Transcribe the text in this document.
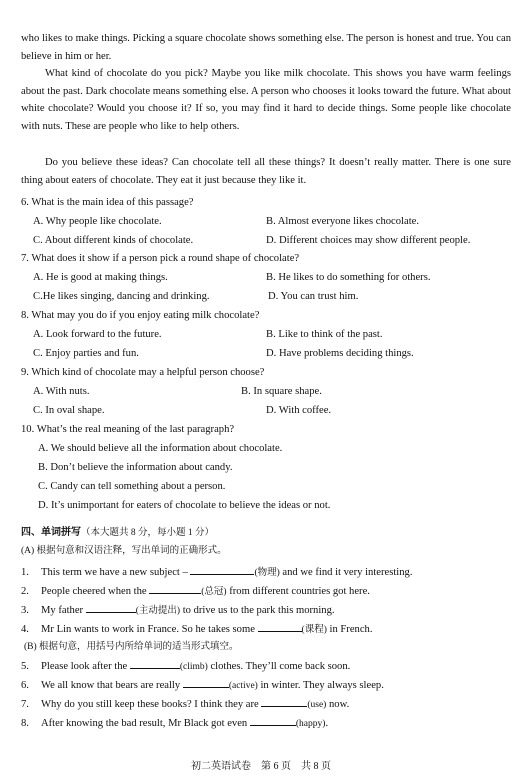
who likes to make things. Picking a square chocolate shows something else. The person is honest and true. You can believe in him or her.

What kind of chocolate do you pick? Maybe you like milk chocolate. This shows you have warm feelings about the past. Dark chocolate means something else. A person who chooses it looks toward the future. What about white chocolate? Would you choose it? If so, you may find it hard to decide things. Some people like chocolate with nuts. These are people who like to help others.

Do you believe these ideas? Can chocolate tell all these things? It doesn’t really matter. There is one sure thing about eaters of chocolate. They eat it just because they like it.

6. What is the main idea of this passage?
A. Why people like chocolate.	B. Almost everyone likes chocolate.
C. About different kinds of chocolate.	D. Different choices may show different people.
7. What does it show if a person pick a round shape of chocolate?
A. He is good at making things.	B. He likes to do something for others.
C.He likes singing, dancing and drinking.	D. You can trust him.
8. What may you do if you enjoy eating milk chocolate?
A. Look forward to the future.	B. Like to think of the past.
C. Enjoy parties and fun.	D. Have problems deciding things.
9. Which kind of chocolate may a helpful person choose?
A. With nuts.	B. In square shape.
C. In oval shape.	D. With coffee.
10. What’s the real meaning of the last paragraph?
A. We should believe all the information about chocolate.
B. Don’t believe the information about candy.
C. Candy can tell something about a person.
D. It’s unimportant for eaters of chocolate to believe the ideas or not.
四、单词拼写（本大题共 8 分，每小题 1 分）
(A) 根据句意和汉语注释，写出单词的正确形式。
1. This term we have a new subject –	(物理) and we find it very interesting.
2. People cheered when the	(总冠) from different countries got here.
3. My father	(主动提出) to drive us to the park this morning.
4. Mr Lin wants to work in France. So he takes some	(课程) in French.
(B) 根据句意，用括号内所给单词的适当形式填空。
5. Please look after the	(climb) clothes. They’ll come back soon.
6. We all know that bears are really	(active) in winter. They always sleep.
7. Why do you still keep these books? I think they are	(use) now.
8. After knowing the bad result, Mr Black got even	(happy).
初二英语试卷 第 6 页 共 8 页
